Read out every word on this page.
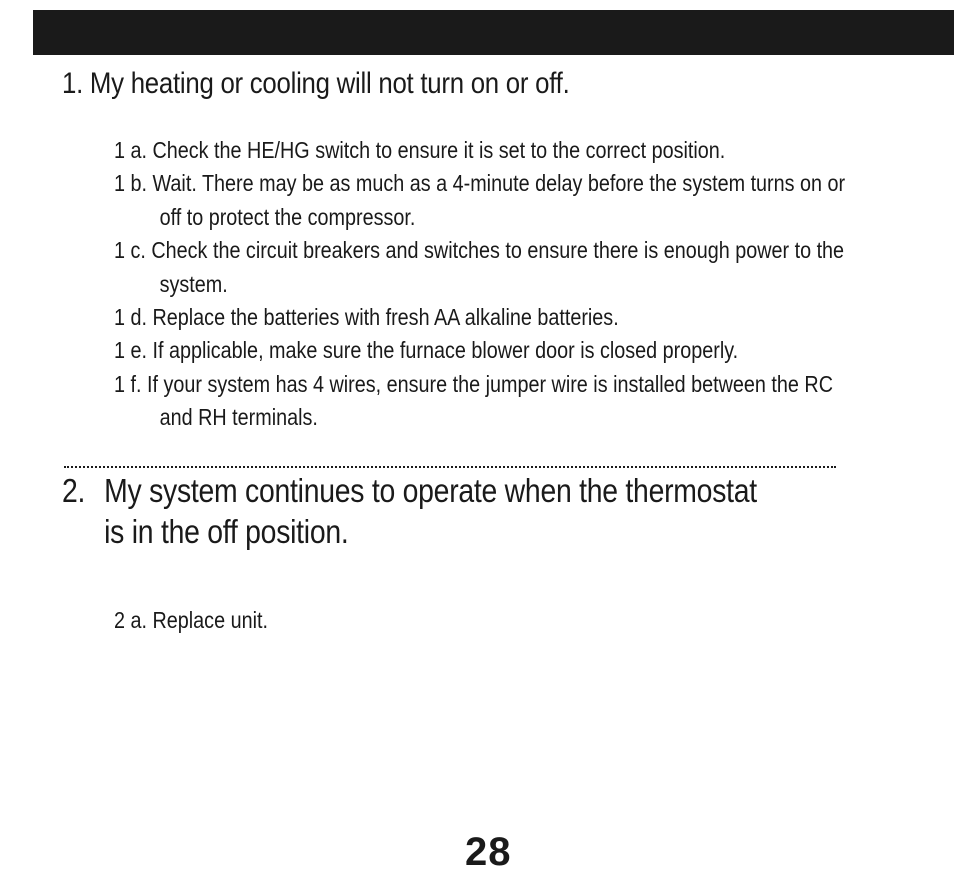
1. My heating or cooling will not turn on or off.
1 a. Check the HE/HG switch to ensure it is set to the correct position.
1 b. Wait. There may be as much as a 4-minute delay before the system turns on or off to protect the compressor.
1 c. Check the circuit breakers and switches to ensure there is enough power to the system.
1 d. Replace the batteries with fresh AA alkaline batteries.
1 e. If applicable, make sure the furnace blower door is closed properly.
1 f. If your system has 4 wires, ensure the jumper wire is installed between the RC and RH terminals.
2. My system continues to operate when the thermostat
is in the off position.
2 a. Replace unit.
28
